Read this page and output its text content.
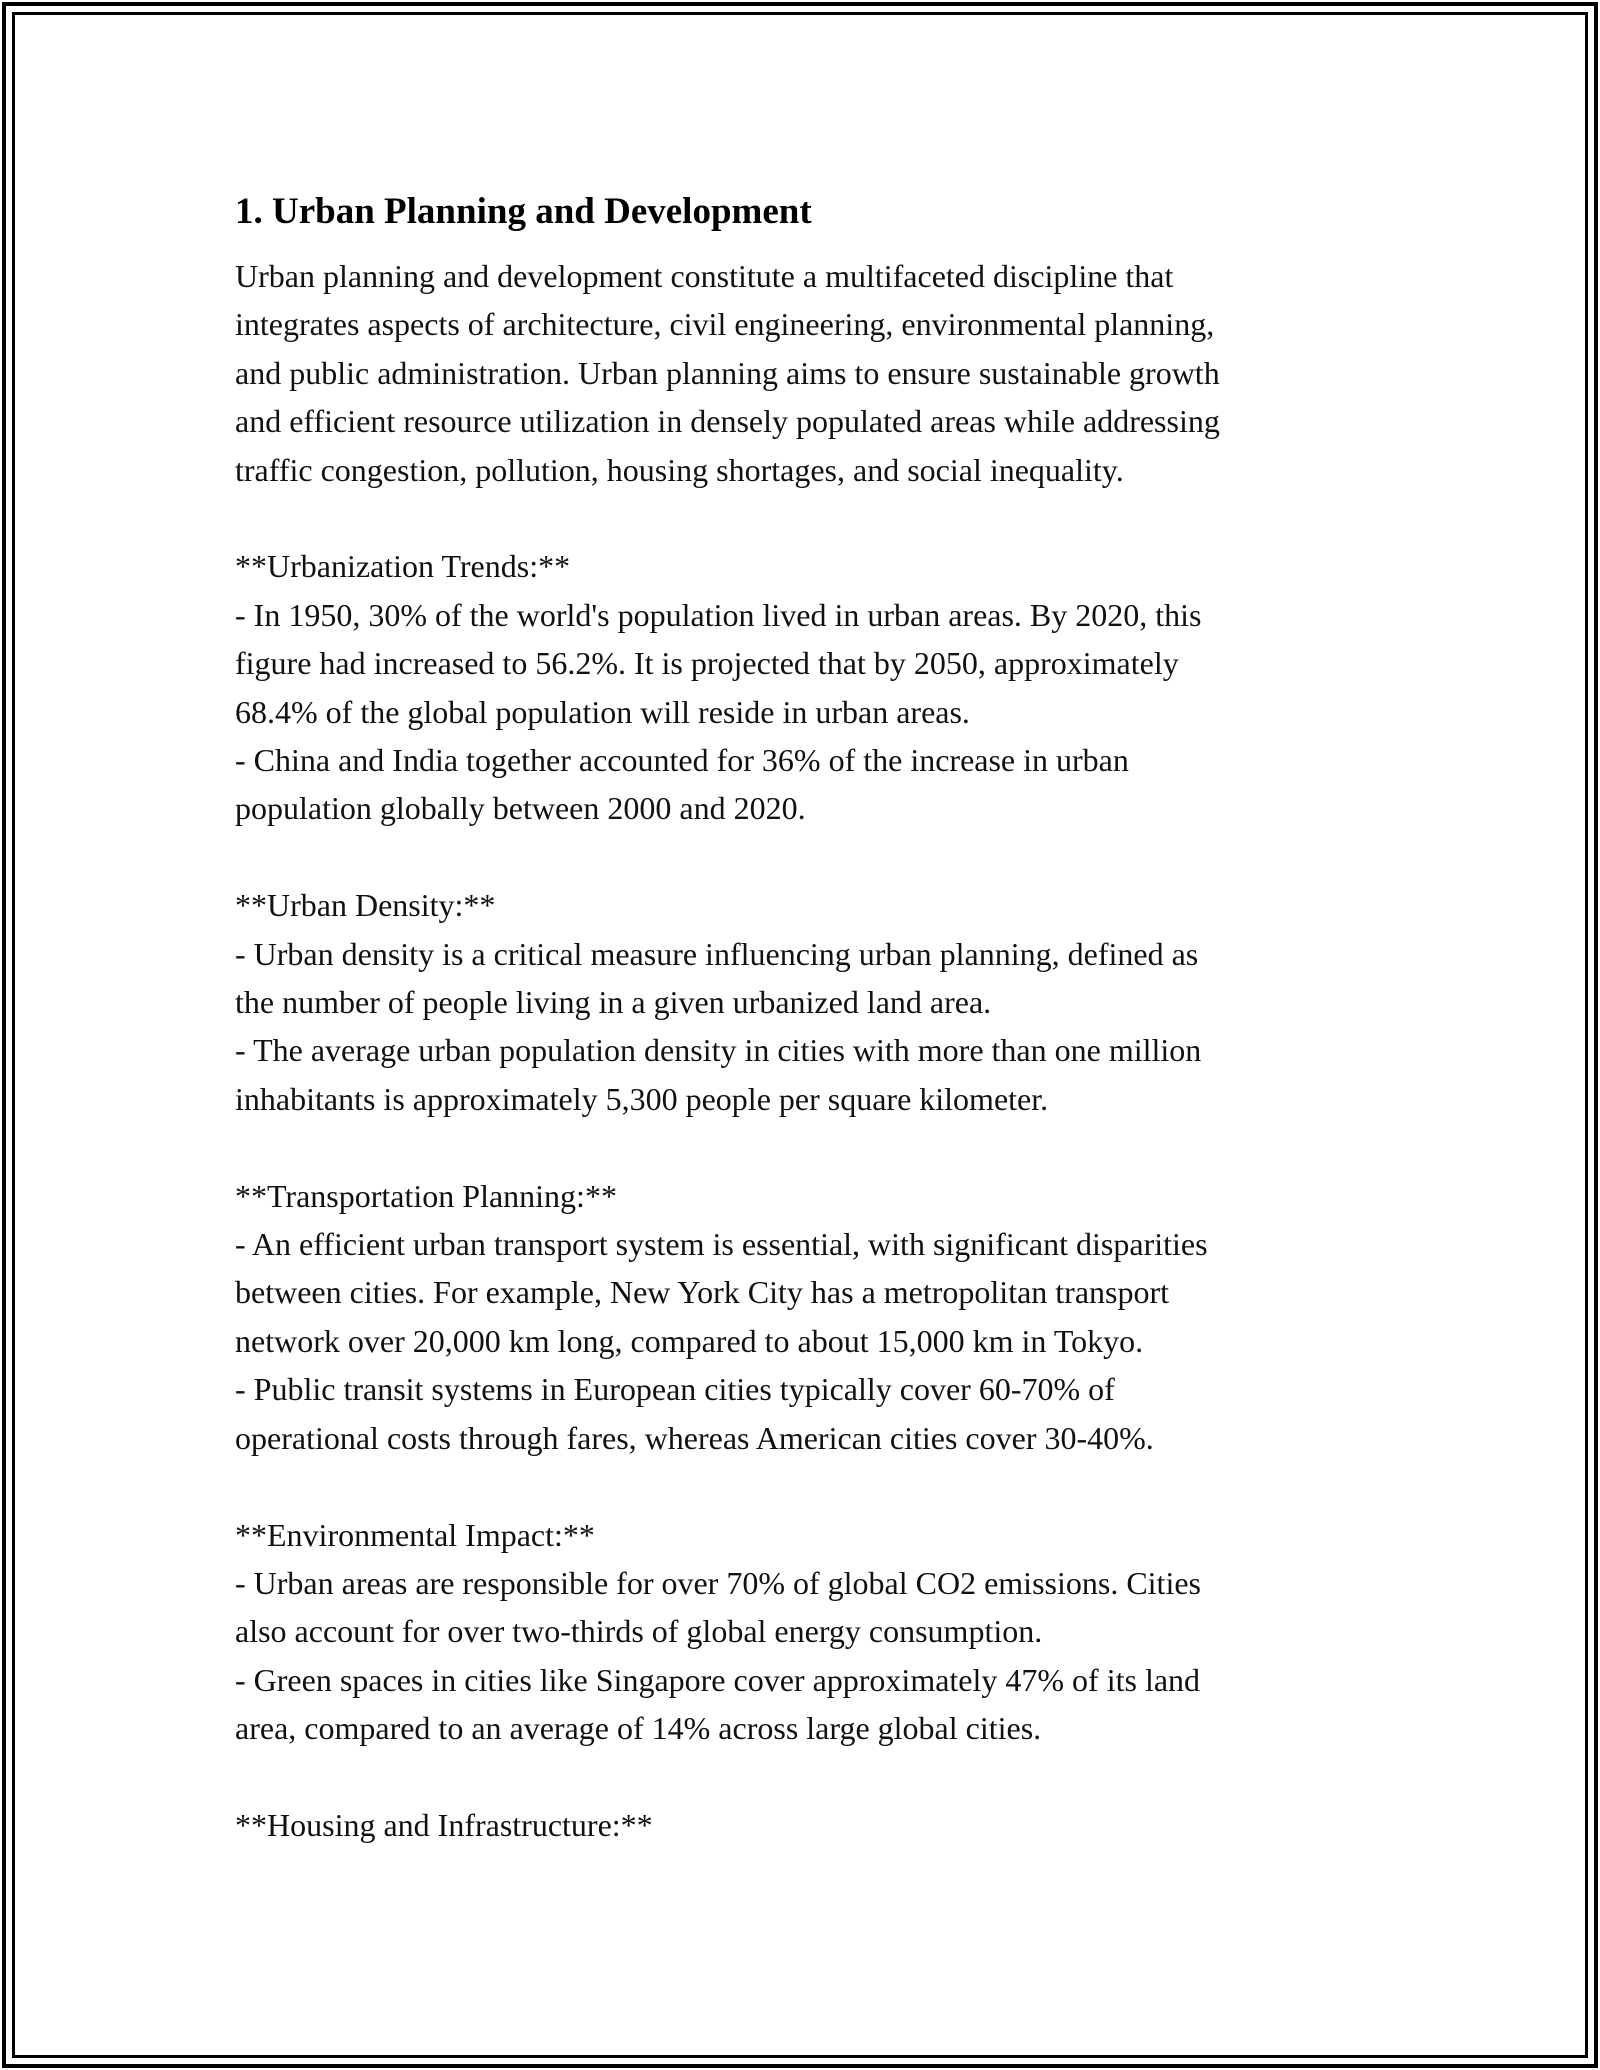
1. Urban Planning and Development
Urban planning and development constitute a multifaceted discipline that
integrates aspects of architecture, civil engineering, environmental planning,
and public administration. Urban planning aims to ensure sustainable growth
and efficient resource utilization in densely populated areas while addressing
traffic congestion, pollution, housing shortages, and social inequality.
**Urbanization Trends:**
- In 1950, 30% of the world's population lived in urban areas. By 2020, this
figure had increased to 56.2%. It is projected that by 2050, approximately
68.4% of the global population will reside in urban areas.
- China and India together accounted for 36% of the increase in urban
population globally between 2000 and 2020.
**Urban Density:**
- Urban density is a critical measure influencing urban planning, defined as
the number of people living in a given urbanized land area.
- The average urban population density in cities with more than one million
inhabitants is approximately 5,300 people per square kilometer.
**Transportation Planning:**
- An efficient urban transport system is essential, with significant disparities
between cities. For example, New York City has a metropolitan transport
network over 20,000 km long, compared to about 15,000 km in Tokyo.
- Public transit systems in European cities typically cover 60-70% of
operational costs through fares, whereas American cities cover 30-40%.
**Environmental Impact:**
- Urban areas are responsible for over 70% of global CO2 emissions. Cities
also account for over two-thirds of global energy consumption.
- Green spaces in cities like Singapore cover approximately 47% of its land
area, compared to an average of 14% across large global cities.
**Housing and Infrastructure:**
